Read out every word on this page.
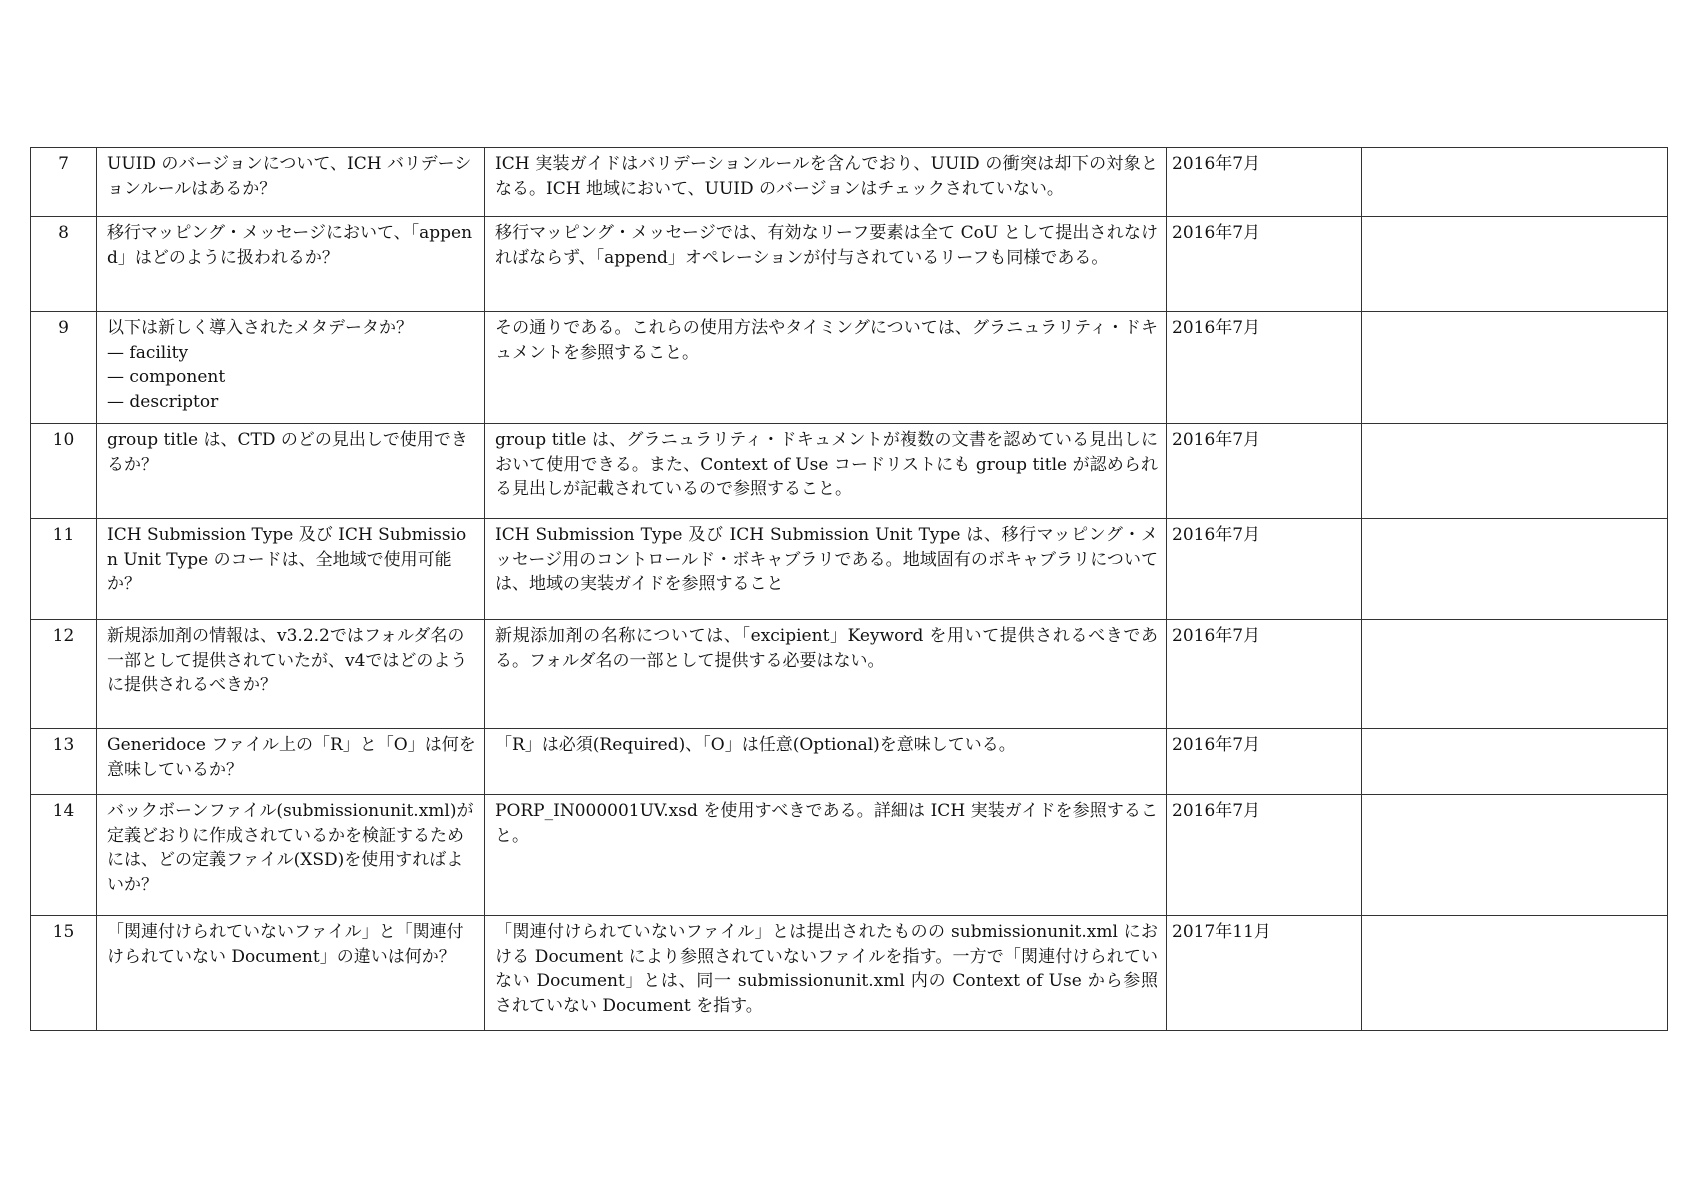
7	UUID のバージョンについて、ICH バリデーションルールはあるか？	ICH 実装ガイドはバリデーションルールを含んでおり、UUID の衝突は却下の対象となる。ICH 地域において、UUID のバージョンはチェックされていない。	2016年7月	
8	移行マッピング・メッセージにおいて、「append」はどのように扱われるか？	移行マッピング・メッセージでは、有効なリーフ要素は全て CoU として提出されなければならず、「append」オペレーションが付与されているリーフも同様である。	2016年7月	
9	以下は新しく導入されたメタデータか？
— facility
— component
— descriptor	その通りである。これらの使用方法やタイミングについては、グラニュラリティ・ドキュメントを参照すること。	2016年7月	
10	group title は、CTD のどの見出しで使用できるか？	group title は、グラニュラリティ・ドキュメントが複数の文書を認めている見出しにおいて使用できる。また、Context of Use コードリストにも group title が認められる見出しが記載されているので参照すること。	2016年7月	
11	ICH Submission Type 及び ICH Submission Unit Type のコードは、全地域で使用可能か？	ICH Submission Type 及び ICH Submission Unit Type は、移行マッピング・メッセージ用のコントロールド・ボキャブラリである。地域固有のボキャブラリについては、地域の実装ガイドを参照すること	2016年7月	
12	新規添加剤の情報は、v3.2.2ではフォルダ名の一部として提供されていたが、v4ではどのように提供されるべきか？	新規添加剤の名称については、「excipient」Keyword を用いて提供されるべきである。フォルダ名の一部として提供する必要はない。	2016年7月	
13	Generidoce ファイル上の「R」と「O」は何を意味しているか？	「R」は必須(Required)、「O」は任意(Optional)を意味している。	2016年7月	
14	バックボーンファイル(submissionunit.xml)が定義どおりに作成されているかを検証するためには、どの定義ファイル(XSD)を使用すればよいか？	PORP_IN000001UV.xsd を使用すべきである。詳細は ICH 実装ガイドを参照すること。	2016年7月	
15	「関連付けられていないファイル」と「関連付けられていない Document」の違いは何か？	「関連付けられていないファイル」とは提出されたものの submissionunit.xml における Document により参照されていないファイルを指す。一方で「関連付けられていない Document」とは、同一 submissionunit.xml 内の Context of Use から参照されていない Document を指す。	2017年11月	
